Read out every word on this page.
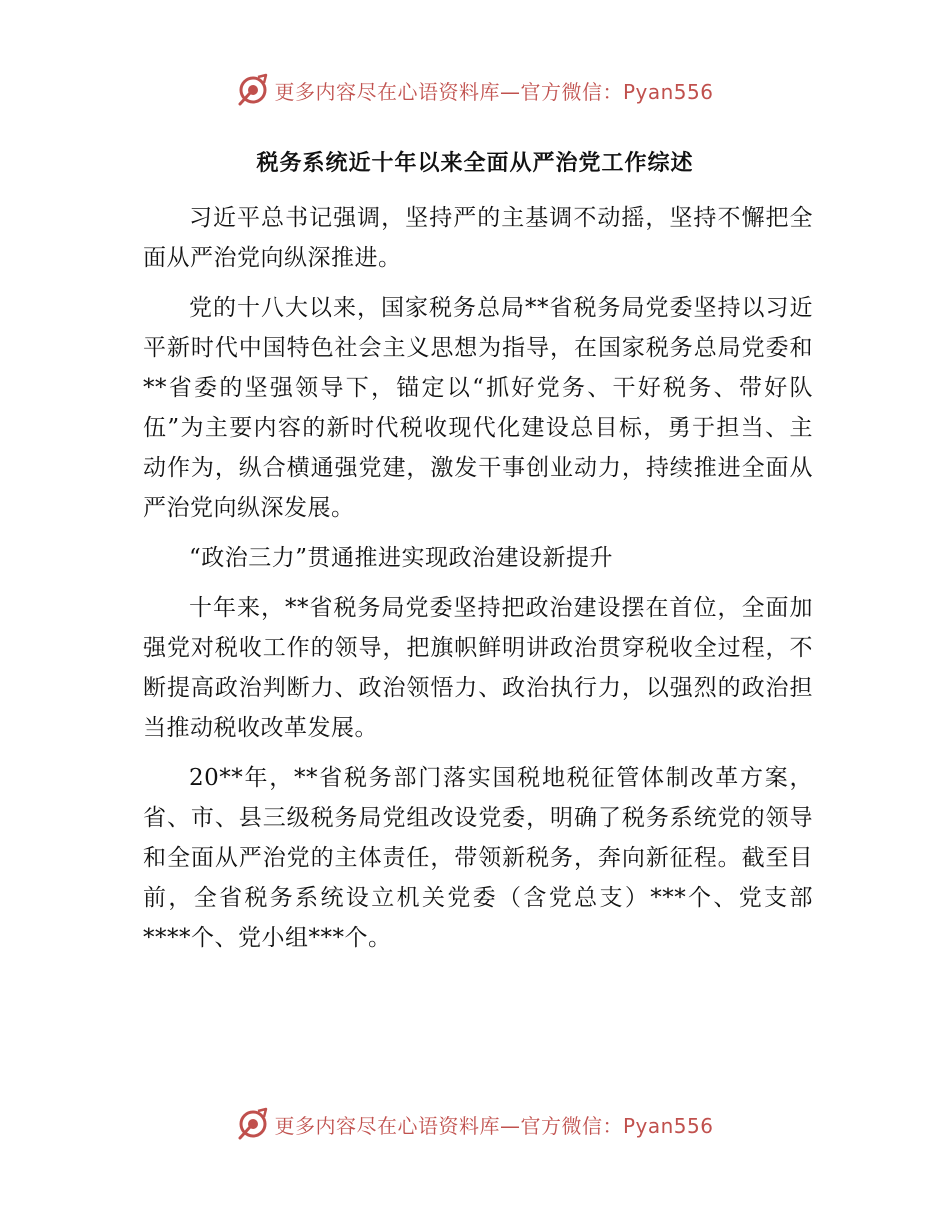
更多内容尽在心语资料库—官方微信：Pyan556
税务系统近十年以来全面从严治党工作综述

习近平总书记强调，坚持严的主基调不动摇，坚持不懈把全面从严治党向纵深推进。

党的十八大以来，国家税务总局**省税务局党委坚持以习近平新时代中国特色社会主义思想为指导，在国家税务总局党委和**省委的坚强领导下，锚定以“抓好党务、干好税务、带好队伍”为主要内容的新时代税收现代化建设总目标，勇于担当、主动作为，纵合横通强党建，激发干事创业动力，持续推进全面从严治党向纵深发展。

“政治三力”贯通推进实现政治建设新提升

十年来，**省税务局党委坚持把政治建设摆在首位，全面加强党对税收工作的领导，把旗帜鲜明讲政治贯穿税收全过程，不断提高政治判断力、政治领悟力、政治执行力，以强烈的政治担当推动税收改革发展。

20**年，**省税务部门落实国税地税征管体制改革方案，省、市、县三级税务局党组改设党委，明确了税务系统党的领导和全面从严治党的主体责任，带领新税务，奔向新征程。截至目前，全省税务系统设立机关党委（含党总支）***个、党支部****个、党小组***个。

更多内容尽在心语资料库—官方微信：Pyan556
